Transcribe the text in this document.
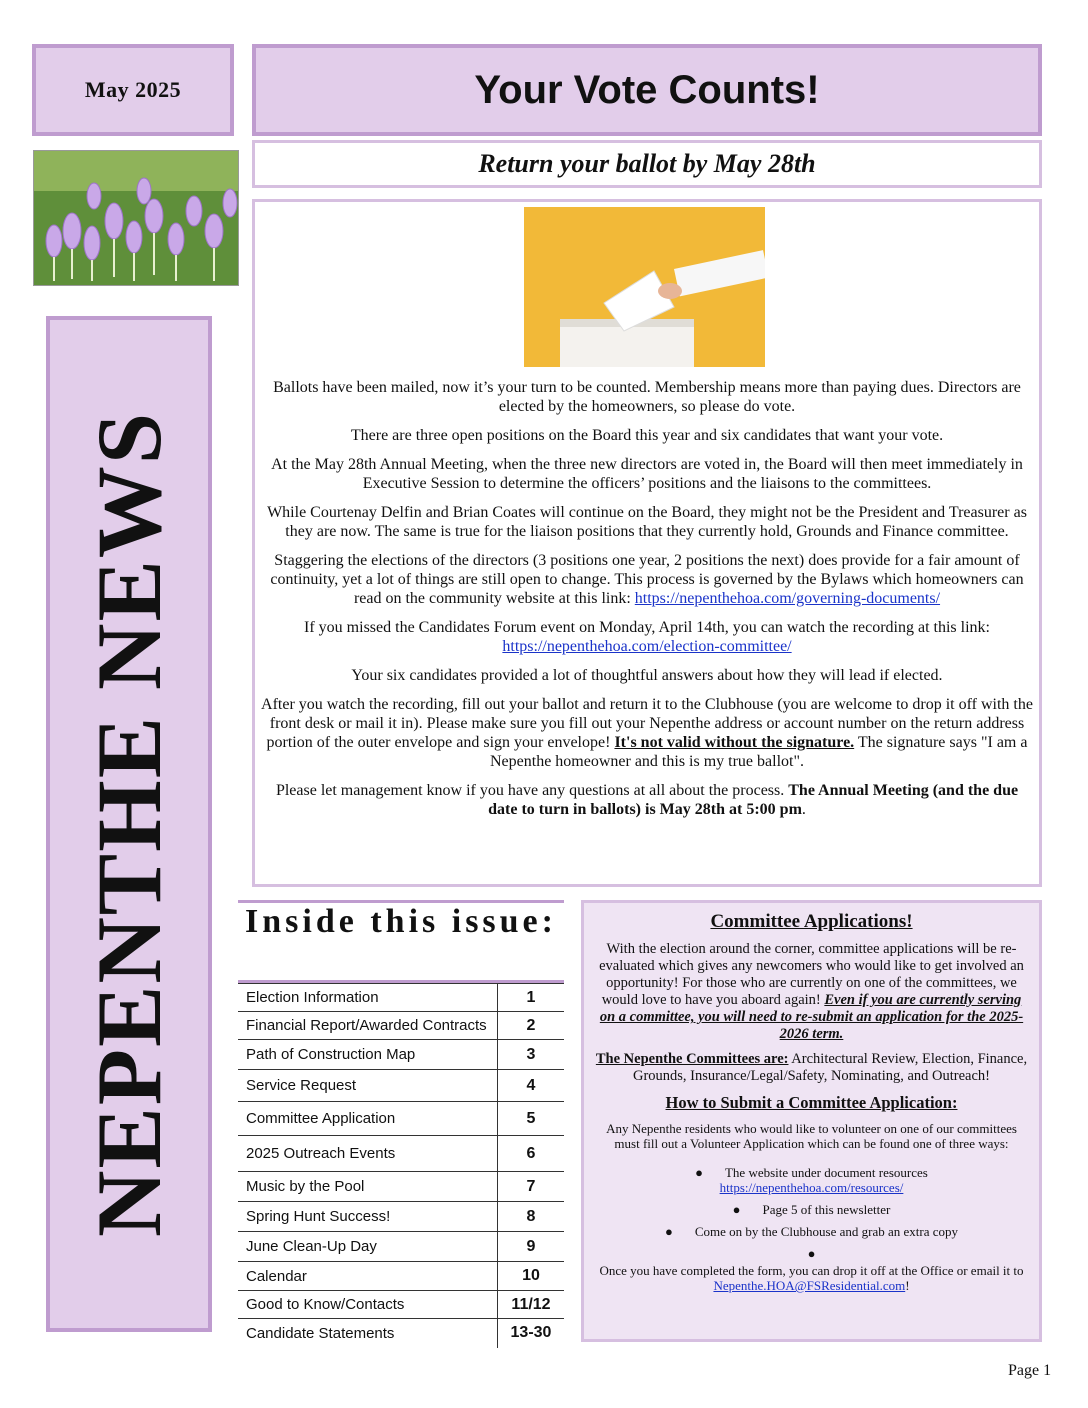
May 2025	Your Vote Counts!
Return your ballot by May 28th
NEPENTHE NEWS

Ballots have been mailed, now it’s your turn to be counted. Membership means more than paying dues. Directors are elected by the homeowners, so please do vote.

There are three open positions on the Board this year and six candidates that want your vote.

At the May 28th Annual Meeting, when the three new directors are voted in, the Board will then meet immediately in Executive Session to determine the officers’ positions and the liaisons to the committees.

While Courtenay Delfin and Brian Coates will continue on the Board, they might not be the President and Treasurer as they are now. The same is true for the liaison positions that they currently hold, Grounds and Finance committee.

Staggering the elections of the directors (3 positions one year, 2 positions the next) does provide for a fair amount of continuity, yet a lot of things are still open to change. This process is governed by the Bylaws which homeowners can read on the community website at this link: https://nepenthehoa.com/governing-documents/

If you missed the Candidates Forum event on Monday, April 14th, you can watch the recording at this link:
https://nepenthehoa.com/election-committee/

Your six candidates provided a lot of thoughtful answers about how they will lead if elected.

After you watch the recording, fill out your ballot and return it to the Clubhouse (you are welcome to drop it off with the front desk or mail it in). Please make sure you fill out your Nepenthe address or account number on the return address portion of the outer envelope and sign your envelope! It's not valid without the signature. The signature says "I am a Nepenthe homeowner and this is my true ballot".

Please let management know if you have any questions at all about the process. The Annual Meeting (and the due date to turn in ballots) is May 28th at 5:00 pm.

Inside this issue:
Election Information	1
Financial Report/Awarded Contracts	2
Path of Construction Map	3
Service Request	4
Committee Application	5
2025 Outreach Events	6
Music by the Pool	7
Spring Hunt Success!	8
June Clean-Up Day	9
Calendar	10
Good to Know/Contacts	11/12
Candidate Statements	13-30
Committee Applications!

With the election around the corner, committee applications will be re-evaluated which gives any newcomers who would like to get involved an opportunity! For those who are currently on one of the committees, we would love to have you aboard again! Even if you are currently serving on a committee, you will need to re-submit an application for the 2025-2026 term.

The Nepenthe Committees are: Architectural Review, Election, Finance, Grounds, Insurance/Legal/Safety, Nominating, and Outreach!

How to Submit a Committee Application:

Any Nepenthe residents who would like to volunteer on one of our committees must fill out a Volunteer Application which can be found one of three ways:

● The website under document resources
https://nepenthehoa.com/resources/

● Page 5 of this newsletter

● Come on by the Clubhouse and grab an extra copy

●

Once you have completed the form, you can drop it off at the Office or email it to Nepenthe.HOA@FSResidential.com!

Page 1
